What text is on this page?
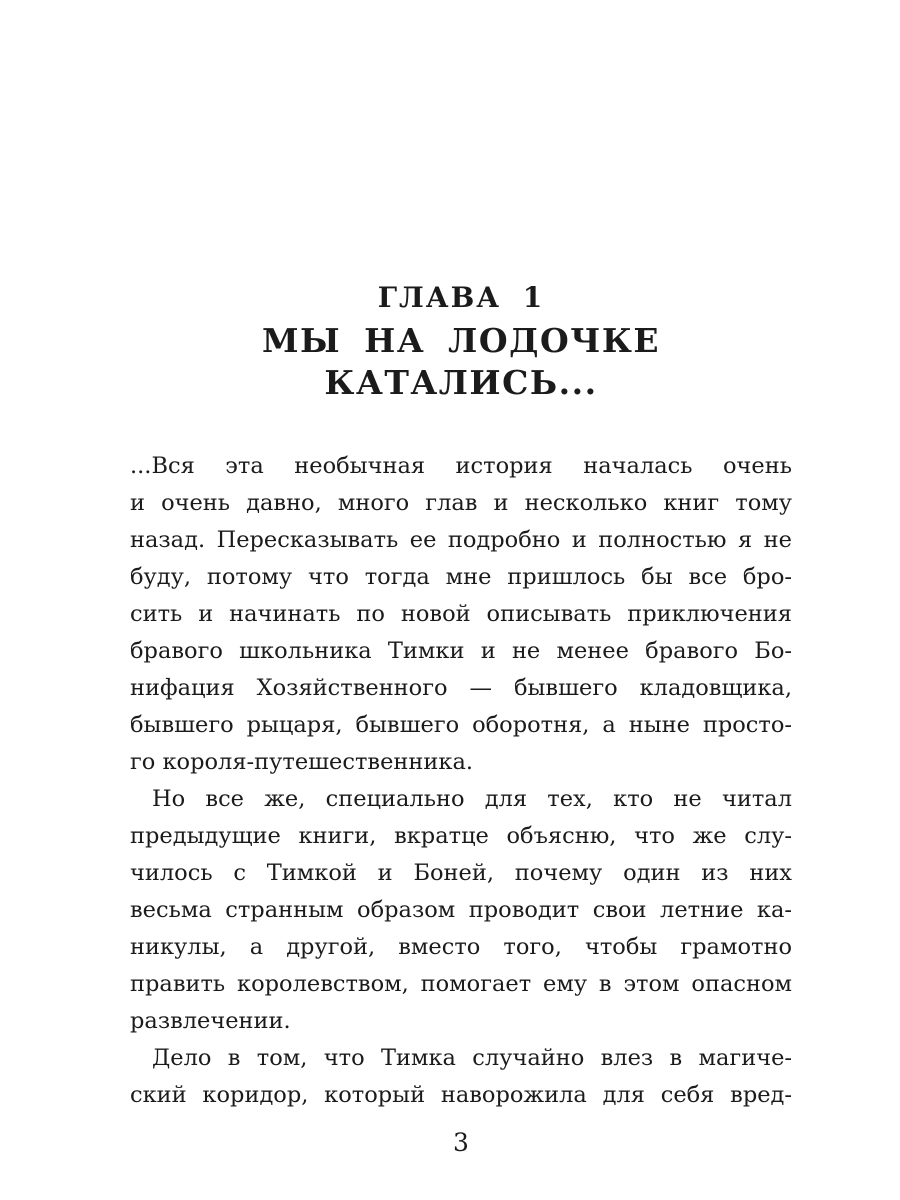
ГЛАВА 1
МЫ НА ЛОДОЧКЕ КАТАЛИСЬ...
...Вся эта необычная история началась очень
и очень давно, много глав и несколько книг тому
назад. Пересказывать ее подробно и полностью я не
буду, потому что тогда мне пришлось бы все бро-
сить и начинать по новой описывать приключения
бравого школьника Тимки и не менее бравого Бо-
нифация Хозяйственного — бывшего кладовщика,
бывшего рыцаря, бывшего оборотня, а ныне просто-
го короля-путешественника.
Но все же, специально для тех, кто не читал
предыдущие книги, вкратце объясню, что же слу-
чилось с Тимкой и Боней, почему один из них
весьма странным образом проводит свои летние ка-
никулы, а другой, вместо того, чтобы грамотно
править королевством, помогает ему в этом опасном
развлечении.
Дело в том, что Тимка случайно влез в магиче-
ский коридор, который наворожила для себя вред-
3
